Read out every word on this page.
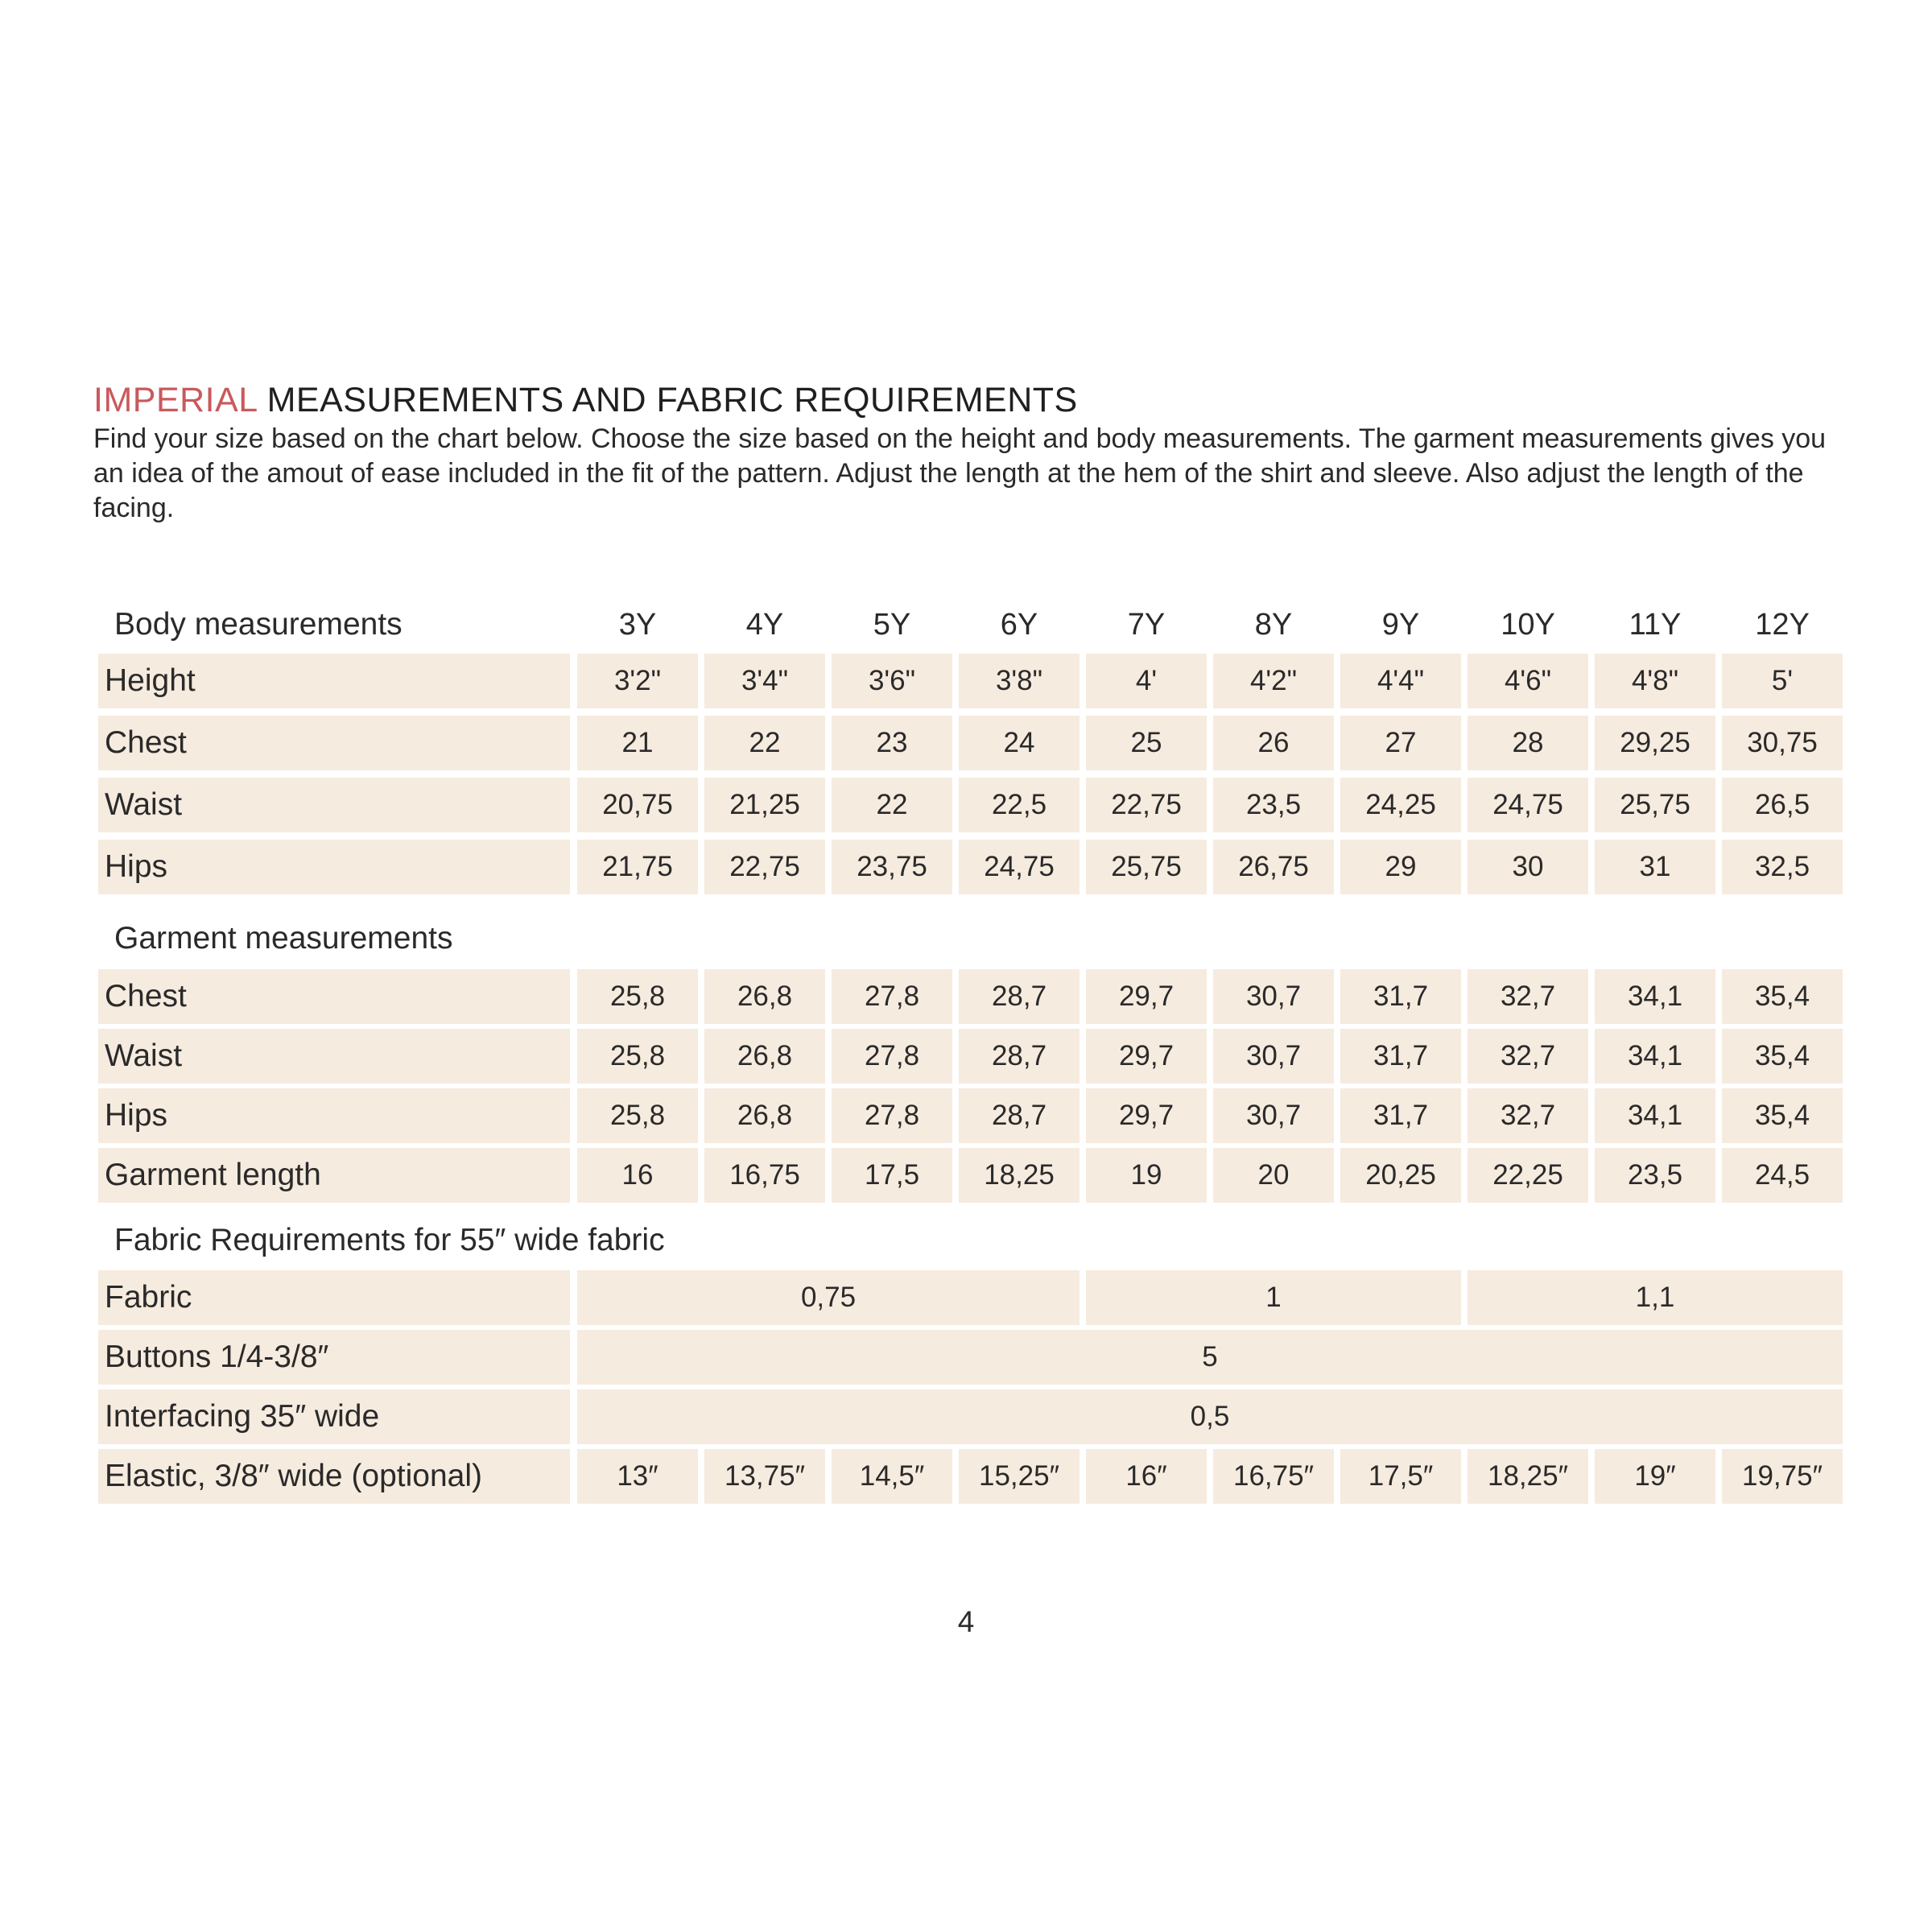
IMPERIAL MEASUREMENTS AND FABRIC REQUIREMENTS
Find your size based on the chart below. Choose the size based on the height and body measurements. The garment measurements gives you an idea of the amout of ease included in the fit of the pattern. Adjust the length at the hem of the shirt and sleeve. Also adjust the length of the facing.
Body measurements	3Y	4Y	5Y	6Y	7Y	8Y	9Y	10Y	11Y	12Y
Height	3'2"	3'4"	3'6"	3'8"	4'	4'2"	4'4"	4'6"	4'8"	5'
Chest	21	22	23	24	25	26	27	28	29,25	30,75
Waist	20,75	21,25	22	22,5	22,75	23,5	24,25	24,75	25,75	26,5
Hips	21,75	22,75	23,75	24,75	25,75	26,75	29	30	31	32,5
Garment measurements
Chest	25,8	26,8	27,8	28,7	29,7	30,7	31,7	32,7	34,1	35,4
Waist	25,8	26,8	27,8	28,7	29,7	30,7	31,7	32,7	34,1	35,4
Hips	25,8	26,8	27,8	28,7	29,7	30,7	31,7	32,7	34,1	35,4
Garment length	16	16,75	17,5	18,25	19	20	20,25	22,25	23,5	24,5
Fabric Requirements for 55″ wide fabric
Fabric	0,75	1	1,1
Buttons 1/4-3/8″	5
Interfacing 35″ wide	0,5
Elastic, 3/8″ wide (optional)	13″	13,75″	14,5″	15,25″	16″	16,75″	17,5″	18,25″	19″	19,75″
4
